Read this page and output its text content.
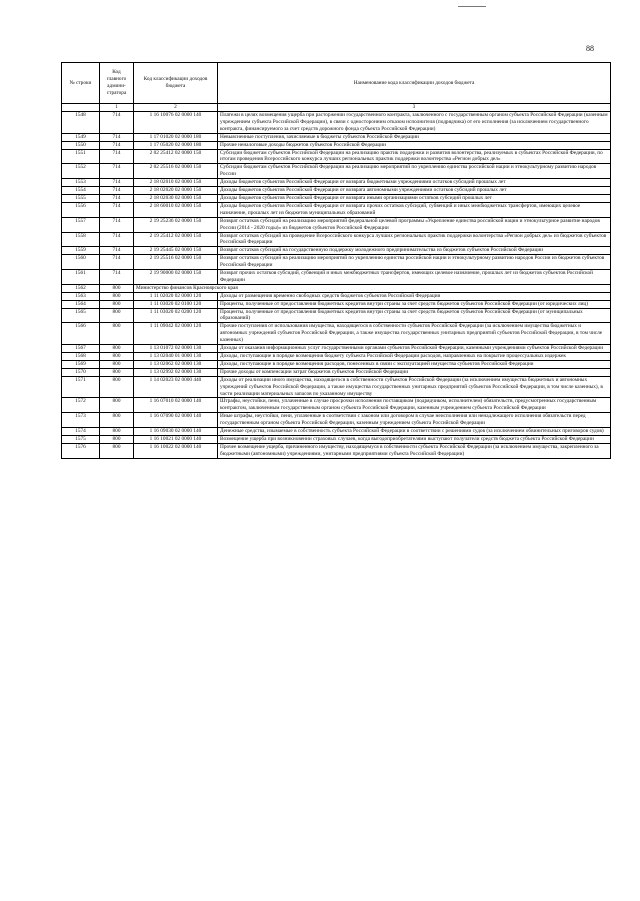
88
№ строки	Код главного админи-стратора	Код классификации доходов бюджета	Наименование кода классификации доходов бюджета
	1	2	3
1548	714	1 16 10076 02 0000 140	Платежи в целях возмещения ущерба при расторжении государственного контракта, заключенного с государственным органом субъекта Российской Федерации (казенным учреждением субъекта Российской Федерации), в связи с односторонним отказом исполнителя (подрядчика) от его исполнения (за исключением государственного контракта, финансируемого за счет средств дорожного фонда субъекта Российской Федерации)
1549	714	1 17 01020 02 0000 180	Невыясненные поступления, зачисляемые в бюджеты субъектов Российской Федерации
1550	714	1 17 05020 02 0000 180	Прочие неналоговые доходы бюджетов субъектов Российской Федерации
1551	714	2 02 25412 02 0000 150	Субсидии бюджетам субъектов Российской Федерации на реализацию практик поддержки и развития волонтерства, реализуемых в субъектах Российской Федерации, по итогам проведения Всероссийского конкурса лучших региональных практик поддержки волонтерства «Регион добрых дел»
1552	714	2 02 25516 02 0000 150	Субсидии бюджетам субъектов Российской Федерации на реализацию мероприятий по укреплению единства российской нации и этнокультурному развитию народов России
1553	714	2 18 02010 02 0000 150	Доходы бюджетов субъектов Российской Федерации от возврата бюджетными учреждениями остатков субсидий прошлых лет
1554	714	2 18 02020 02 0000 150	Доходы бюджетов субъектов Российской Федерации от возврата автономными учреждениями остатков субсидий прошлых лет
1555	714	2 18 02030 02 0000 150	Доходы бюджетов субъектов Российской Федерации от возврата иными организациями остатков субсидий прошлых лет
1556	714	2 18 60010 02 0000 150	Доходы бюджетов субъектов Российской Федерации от возврата прочих остатков субсидий, субвенций и иных межбюджетных трансфертов, имеющих целевое назначение, прошлых лет из бюджетов муниципальных образований
1557	714	2 19 25236 02 0000 150	Возврат остатков субсидий на реализацию мероприятий федеральной целевой программы «Укрепление единства российской нации и этнокультурное развитие народов России (2014 - 2020 годы)» из бюджетов субъектов Российской Федерации
1558	714	2 19 25412 02 0000 150	Возврат остатков субсидий на проведение Всероссийского конкурса лучших региональных практик поддержки волонтерства «Регион добрых дел» из бюджетов субъектов Российской Федерации
1559	714	2 19 25445 02 0000 150	Возврат остатков субсидий на государственную поддержку молодежного предпринимательства из бюджетов субъектов Российской Федерации
1560	714	2 19 25516 02 0000 150	Возврат остатков субсидий на реализацию мероприятий по укреплению единства российской нации и этнокультурному развитию народов России из бюджетов субъектов Российской Федерации
1561	714	2 19 90000 02 0000 150	Возврат прочих остатков субсидий, субвенций и иных межбюджетных трансфертов, имеющих целевое назначение, прошлых лет из бюджетов субъектов Российской Федерации
1562	800	Министерство финансов Красноярского края	
1563	800	1 11 02020 02 0000 120	Доходы от размещения временно свободных средств бюджетов субъектов Российской Федерации
1564	800	1 11 03020 02 0100 120	Проценты, полученные от предоставления бюджетных кредитов внутри страны за счет средств бюджетов субъектов Российской Федерации (от юридических лиц)
1565	800	1 11 03020 02 0200 120	Проценты, полученные от предоставления бюджетных кредитов внутри страны за счет средств бюджетов субъектов Российской Федерации (от муниципальных образований)
1566	800	1 11 09042 02 0000 120	Прочие поступления от использования имущества, находящегося в собственности субъектов Российской Федерации (за исключением имущества бюджетных и автономных учреждений субъектов Российской Федерации, а также имущества государственных унитарных предприятий субъектов Российской Федерации, в том числе казенных)
1567	800	1 13 01072 02 0000 130	Доходы от оказания информационных услуг государственными органами субъектов Российской Федерации, казенными учреждениями субъектов Российской Федерации
1568	800	1 13 02040 01 0000 130	Доходы, поступающие в порядке возмещения бюджету субъекта Российской Федерации расходов, направленных на покрытие процессуальных издержек
1569	800	1 13 02062 02 0000 130	Доходы, поступающие в порядке возмещения расходов, понесенных в связи с эксплуатацией имущества субъектов Российской Федерации
1570	800	1 13 02992 02 0000 130	Прочие доходы от компенсации затрат бюджетов субъектов Российской Федерации
1571	800	1 14 02023 02 0000 440	Доходы от реализации иного имущества, находящегося в собственности субъектов Российской Федерации (за исключением имущества бюджетных и автономных учреждений субъектов Российской Федерации, а также имущества государственных унитарных предприятий субъектов Российской Федерации, в том числе казенных), в части реализации материальных запасов по указанному имуществу
1572	800	1 16 07010 02 0000 140	Штрафы, неустойки, пени, уплаченные в случае просрочки исполнения поставщиком (подрядчиком, исполнителем) обязательств, предусмотренных государственным контрактом, заключенным государственным органом субъекта Российской Федерации, казенным учреждением субъекта Российской Федерации
1573	800	1 16 07090 02 0000 140	Иные штрафы, неустойки, пени, уплаченные в соответствии с законом или договором в случае неисполнения или ненадлежащего исполнения обязательств перед государственным органом субъекта Российской Федерации, казенным учреждением субъекта Российской Федерации
1574	800	1 16 09030 02 0000 140	Денежные средства, изымаемые в собственность субъекта Российской Федерации в соответствии с решениями судов (за исключением обвинительных приговоров судов)
1575	800	1 16 10021 02 0000 140	Возмещение ущерба при возникновении страховых случаев, когда выгодоприобретателями выступают получатели средств бюджета субъекта Российской Федерации
1576	800	1 16 10022 02 0000 140	Прочее возмещение ущерба, причиненного имуществу, находящемуся в собственности субъекта Российской Федерации (за исключением имущества, закрепленного за бюджетными (автономными) учреждениями, унитарными предприятиями субъекта Российской Федерации)
